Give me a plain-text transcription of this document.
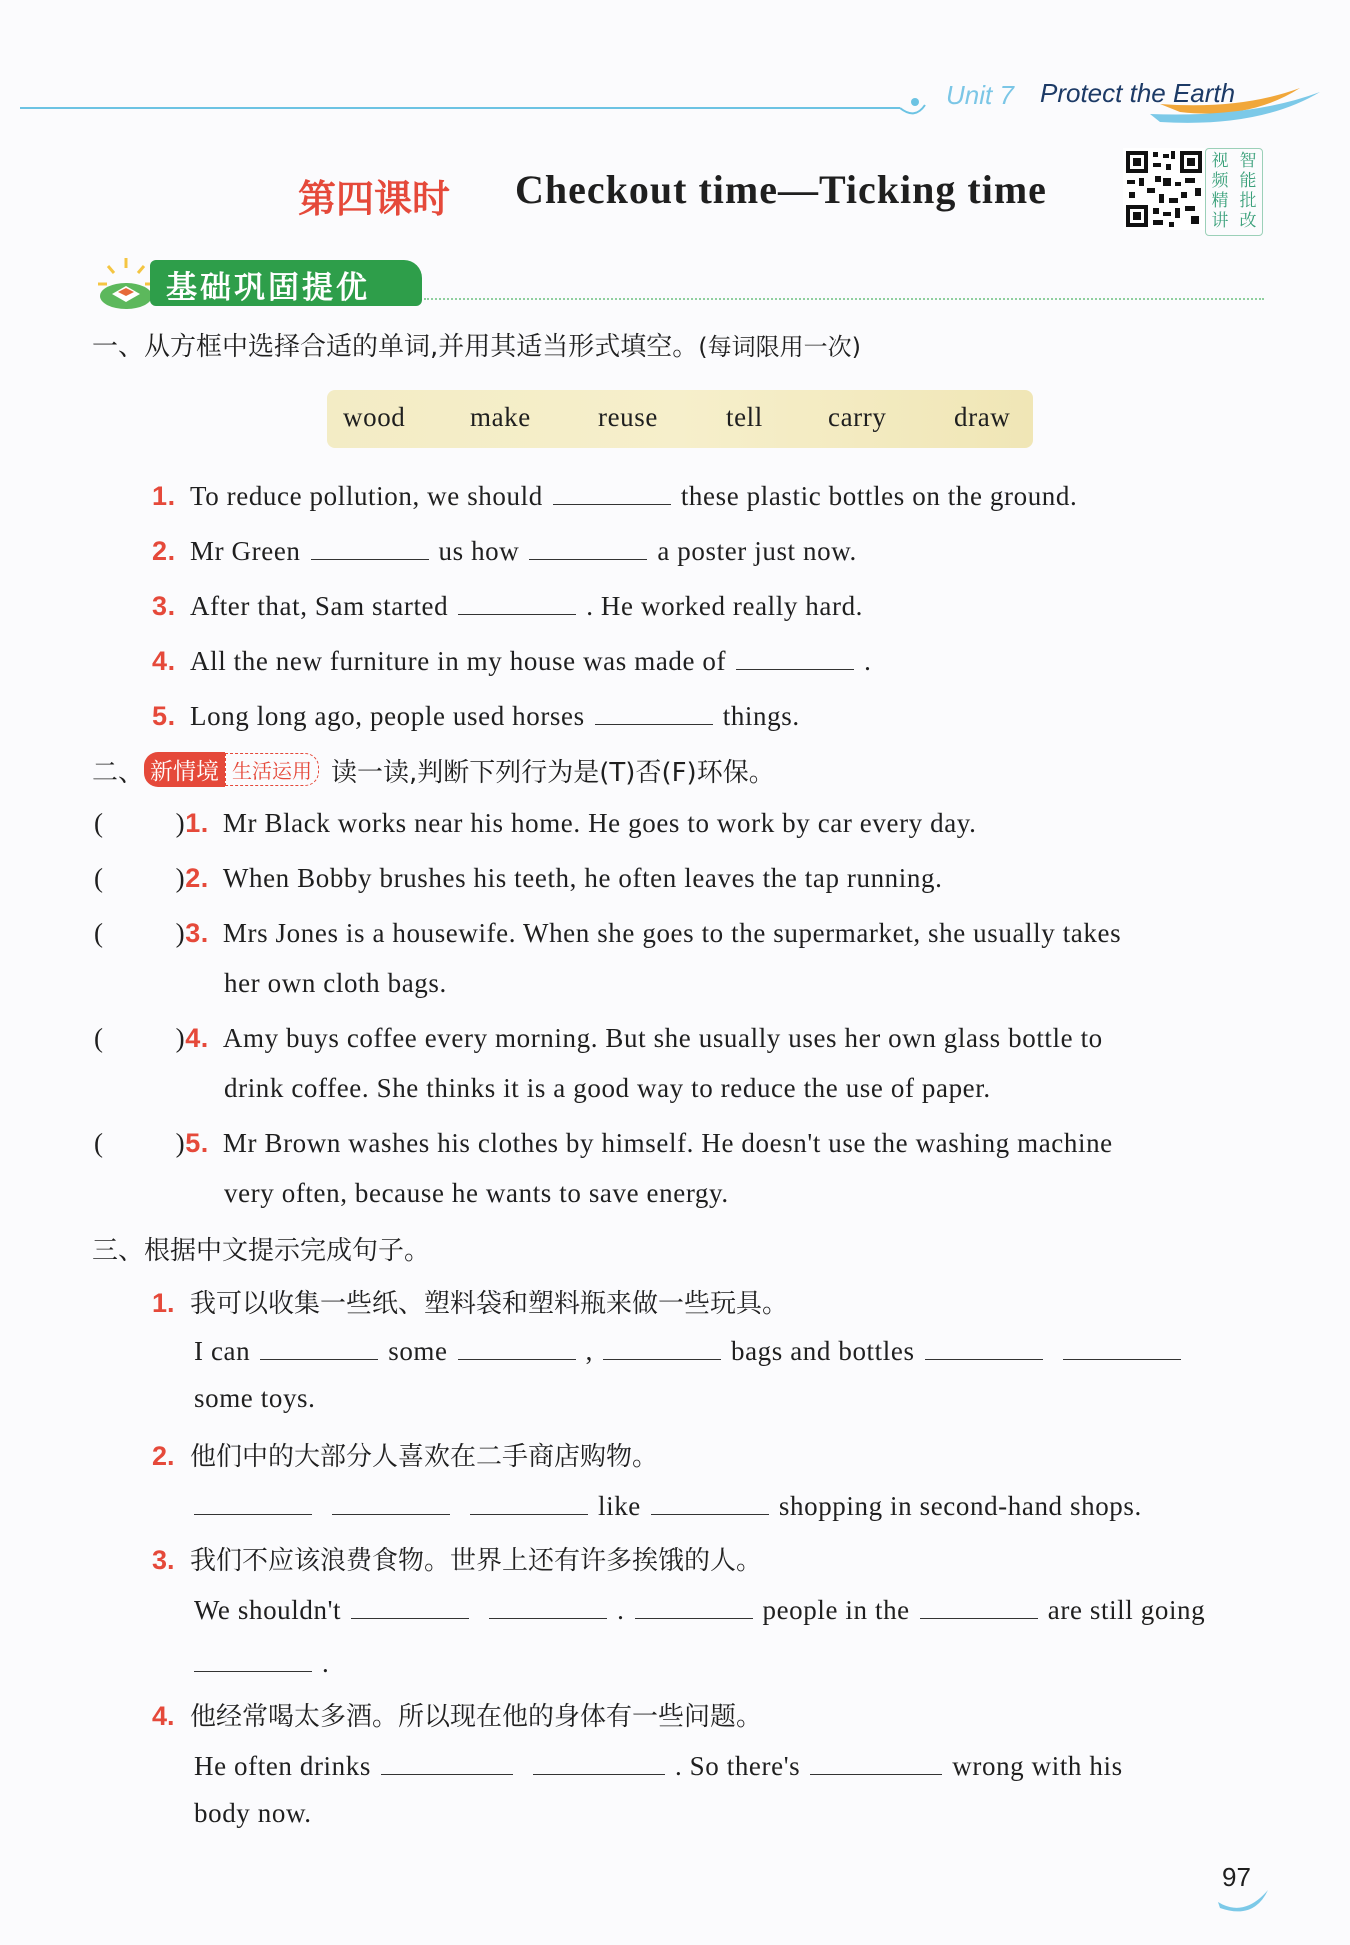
Unit 7 Protect the Earth
第四课时 Checkout time—Ticking time
视 智
频 能
精 批
讲 改
基础巩固提优
一、从方框中选择合适的单词,并用其适当形式填空。(每词限用一次)
wood make reuse	tell carry	draw
1. To reduce pollution, we should	these plastic bottles on the ground.
2. Mr Green	us how	a poster just now.
3. After that, Sam started	. He worked really hard.
4. All the new furniture in my house was made of	.
5. Long long ago, people used horses	things.
二、 新情境 生活运用 读一读,判断下列行为是(T)否(F)环保。
(	)1. Mr Black works near his home. He goes to work by car every day.
(	)2. When Bobby brushes his teeth, he often leaves the tap running.
(	)3. Mrs Jones is a housewife. When she goes to the supermarket, she usually takes
her own cloth bags.
(	)4. Amy buys coffee every morning. But she usually uses her own glass bottle to
drink coffee. She thinks it is a good way to reduce the use of paper.
(	)5. Mr Brown washes his clothes by himself. He doesn't use the washing machine
very often, because he wants to save energy.
三、根据中文提示完成句子。
1. 我可以收集一些纸、塑料袋和塑料瓶来做一些玩具。
I can	some	,	bags and bottles
some toys.
2. 他们中的大部分人喜欢在二手商店购物。
like	shopping in second-hand shops.
3. 我们不应该浪费食物。世界上还有许多挨饿的人。
We shouldn't	.	people in the	are still going
.
4. 他经常喝太多酒。所以现在他的身体有一些问题。
He often drinks	. So there's	wrong with his
body now.
97
